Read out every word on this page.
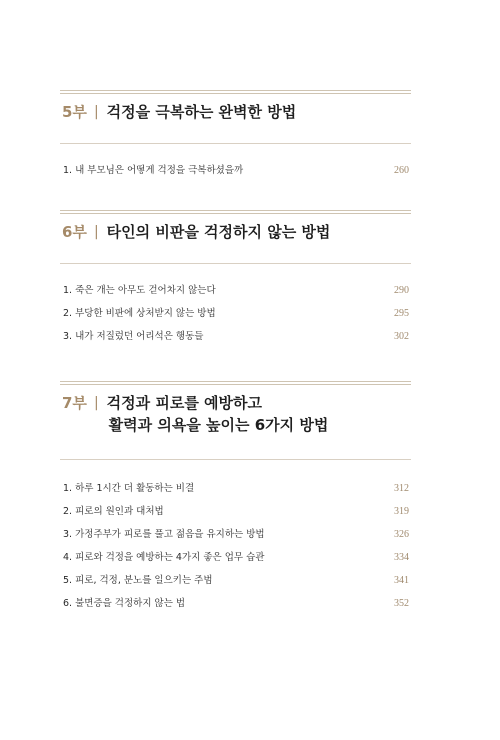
5부 | 걱정을 극복하는 완벽한 방법
1. 내 부모님은 어떻게 걱정을 극복하셨을까	260
6부 | 타인의 비판을 걱정하지 않는 방법
1. 죽은 개는 아무도 걷어차지 않는다	290
2. 부당한 비판에 상처받지 않는 방법	295
3. 내가 저질렀던 어리석은 행동들	302
7부 | 걱정과 피로를 예방하고
활력과 의욕을 높이는 6가지 방법
1. 하루 1시간 더 활동하는 비결	312
2. 피로의 원인과 대처법	319
3. 가정주부가 피로를 풀고 젊음을 유지하는 방법	326
4. 피로와 걱정을 예방하는 4가지 좋은 업무 습관	334
5. 피로, 걱정, 분노를 일으키는 주범	341
6. 불면증을 걱정하지 않는 법	352
